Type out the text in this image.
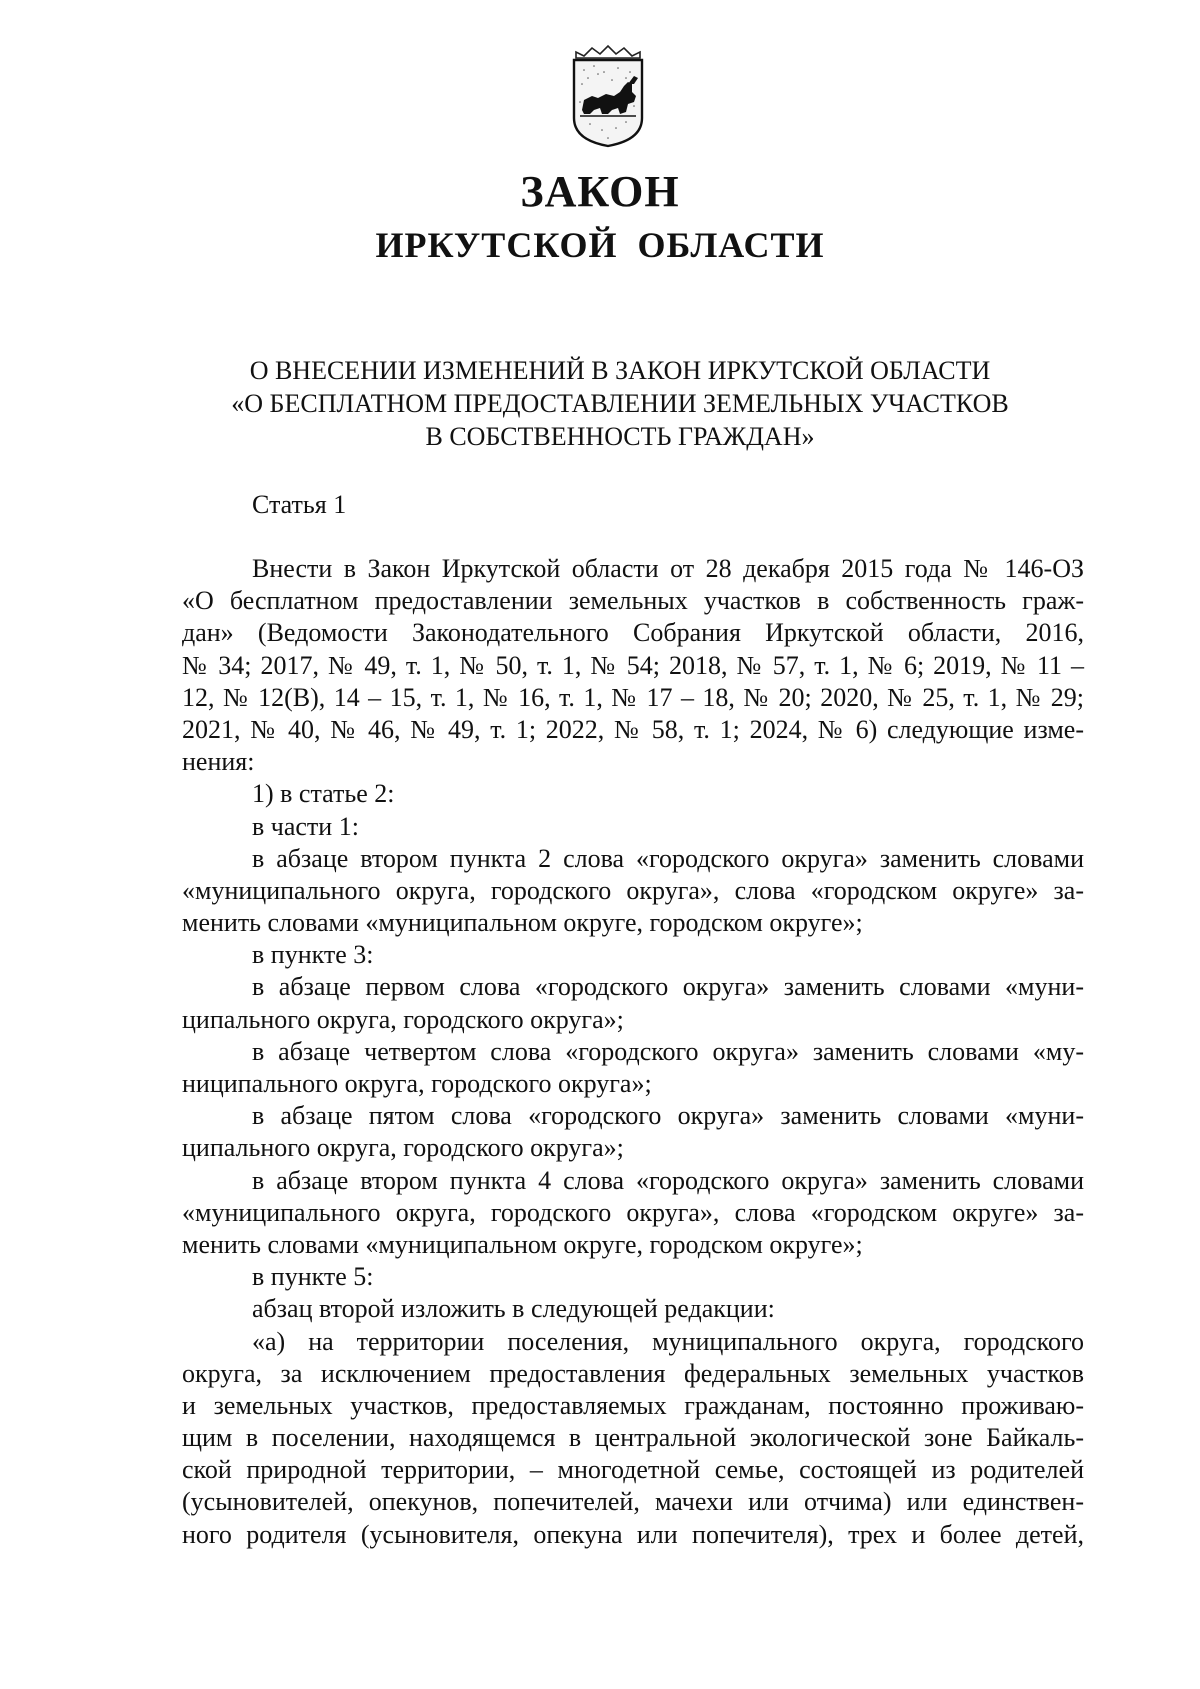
ЗАКОН
ИРКУТСКОЙ ОБЛАСТИ
О ВНЕСЕНИИ ИЗМЕНЕНИЙ В ЗАКОН ИРКУТСКОЙ ОБЛАСТИ
«О БЕСПЛАТНОМ ПРЕДОСТАВЛЕНИИ ЗЕМЕЛЬНЫХ УЧАСТКОВ
В СОБСТВЕННОСТЬ ГРАЖДАН»

Статья 1

Внести в Закон Иркутской области от 28 декабря 2015 года № 146-ОЗ
«О бесплатном предоставлении земельных участков в собственность граж-
дан» (Ведомости Законодательного Собрания Иркутской области, 2016,
№ 34; 2017, № 49, т. 1, № 50, т. 1, № 54; 2018, № 57, т. 1, № 6; 2019, № 11 –
12, № 12(В), 14 – 15, т. 1, № 16, т. 1, № 17 – 18, № 20; 2020, № 25, т. 1, № 29;
2021, № 40, № 46, № 49, т. 1; 2022, № 58, т. 1; 2024, № 6) следующие изме-
нения:
1) в статье 2:
в части 1:
в абзаце втором пункта 2 слова «городского округа» заменить словами
«муниципального округа, городского округа», слова «городском округе» за-
менить словами «муниципальном округе, городском округе»;
в пункте 3:
в абзаце первом слова «городского округа» заменить словами «муни-
ципального округа, городского округа»;
в абзаце четвертом слова «городского округа» заменить словами «му-
ниципального округа, городского округа»;
в абзаце пятом слова «городского округа» заменить словами «муни-
ципального округа, городского округа»;
в абзаце втором пункта 4 слова «городского округа» заменить словами
«муниципального округа, городского округа», слова «городском округе» за-
менить словами «муниципальном округе, городском округе»;
в пункте 5:
абзац второй изложить в следующей редакции:
«а) на территории поселения, муниципального округа, городского
округа, за исключением предоставления федеральных земельных участков
и земельных участков, предоставляемых гражданам, постоянно проживаю-
щим в поселении, находящемся в центральной экологической зоне Байкаль-
ской природной территории, – многодетной семье, состоящей из родителей
(усыновителей, опекунов, попечителей, мачехи или отчима) или единствен-
ного родителя (усыновителя, опекуна или попечителя), трех и более детей,
